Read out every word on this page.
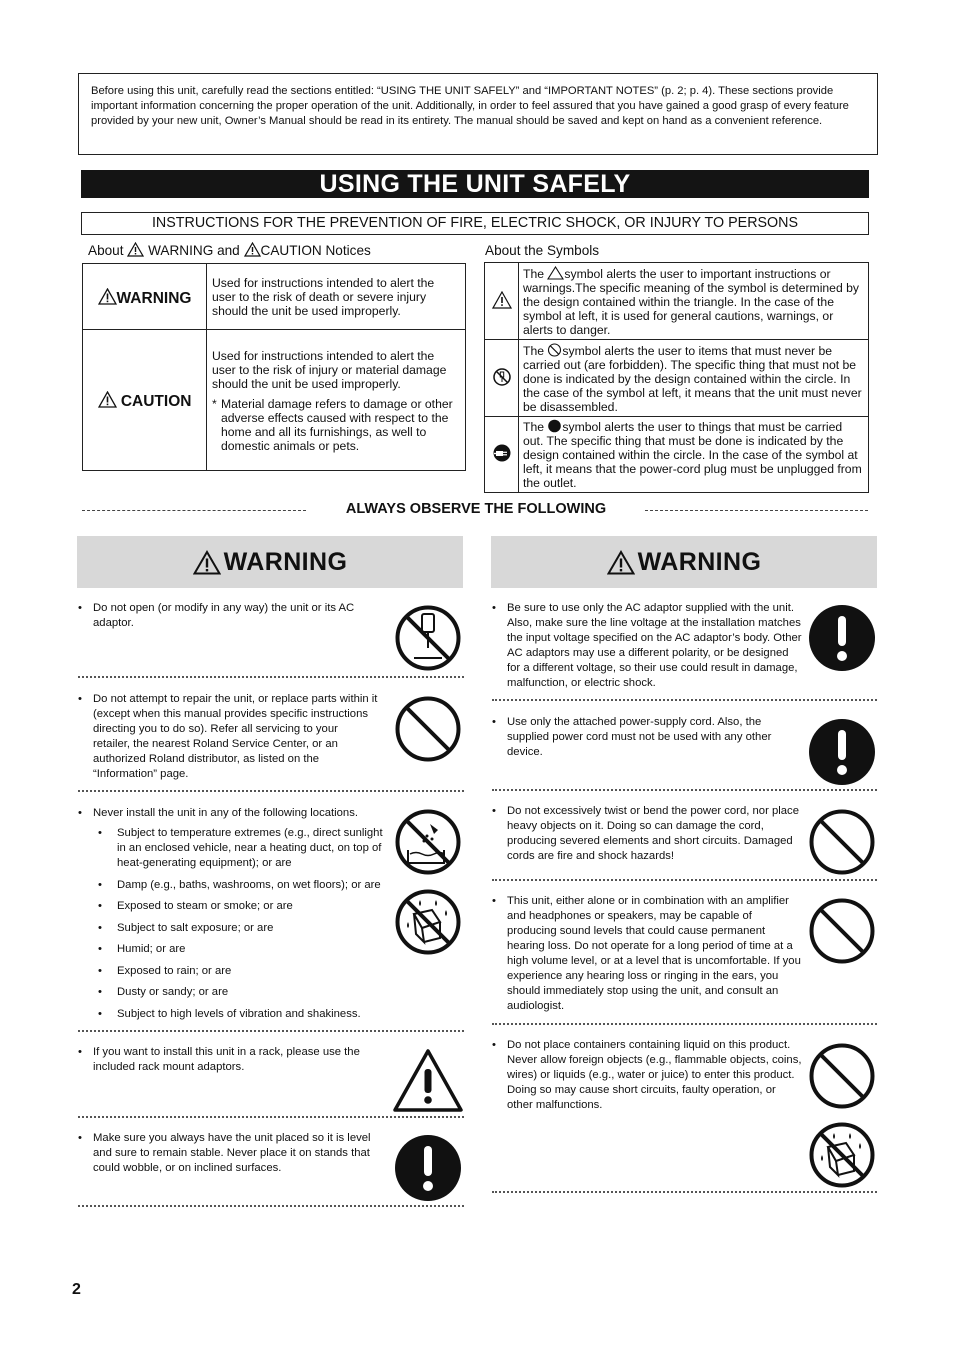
Before using this unit, carefully read the sections entitled: “USING THE UNIT SAFELY” and “IMPORTANT NOTES” (p. 2; p. 4). These sections provide important information concerning the proper operation of the unit. Additionally, in order to feel assured that you have gained a good grasp of every feature provided by your new unit, Owner’s Manual should be read in its entirety. The manual should be saved and kept on hand as a convenient reference.
USING THE UNIT SAFELY
INSTRUCTIONS FOR THE PREVENTION OF FIRE, ELECTRIC SHOCK, OR INJURY TO PERSONS
About WARNING and CAUTION Notices	About the Symbols
WARNING	Used for instructions intended to alert the user to the risk of death or severe injury should the unit be used improperly.
CAUTION	Used for instructions intended to alert the user to the risk of injury or material damage should the unit be used improperly.
* Material damage refers to damage or other adverse effects caused with respect to the home and all its furnishings, as well to domestic animals or pets.
	The symbol alerts the user to important instructions or warnings.The specific meaning of the symbol is determined by the design contained within the triangle. In the case of the symbol at left, it is used for general cautions, warnings, or alerts to danger.
	The symbol alerts the user to items that must never be carried out (are forbidden). The specific thing that must not be done is indicated by the design contained within the circle. In the case of the symbol at left, it means that the unit must never be disassembled.
	The symbol alerts the user to things that must be carried out. The specific thing that must be done is indicated by the design contained within the circle. In the case of the symbol at left, it means that the power-cord plug must be unplugged from the outlet.
ALWAYS OBSERVE THE FOLLOWING
WARNING	WARNING
• Do not open (or modify in any way) the unit or its AC adaptor.
• Do not attempt to repair the unit, or replace parts within it (except when this manual provides specific instructions directing you to do so). Refer all servicing to your retailer, the nearest Roland Service Center, or an authorized Roland distributor, as listed on the “Information” page.
• Never install the unit in any of the following locations.
• Subject to temperature extremes (e.g., direct sunlight in an enclosed vehicle, near a heating duct, on top of heat-generating equipment); or are
• Damp (e.g., baths, washrooms, on wet floors); or are
• Exposed to steam or smoke; or are
• Subject to salt exposure; or are
• Humid; or are
• Exposed to rain; or are
• Dusty or sandy; or are
• Subject to high levels of vibration and shakiness.
• If you want to install this unit in a rack, please use the included rack mount adaptors.
• Make sure you always have the unit placed so it is level and sure to remain stable. Never place it on stands that could wobble, or on inclined surfaces.
• Be sure to use only the AC adaptor supplied with the unit. Also, make sure the line voltage at the installation matches the input voltage specified on the AC adaptor’s body. Other AC adaptors may use a different polarity, or be designed for a different voltage, so their use could result in damage, malfunction, or electric shock.
• Use only the attached power-supply cord. Also, the supplied power cord must not be used with any other device.
• Do not excessively twist or bend the power cord, nor place heavy objects on it. Doing so can damage the cord, producing severed elements and short circuits. Damaged cords are fire and shock hazards!
• This unit, either alone or in combination with an amplifier and headphones or speakers, may be capable of producing sound levels that could cause permanent hearing loss. Do not operate for a long period of time at a high volume level, or at a level that is uncomfortable. If you experience any hearing loss or ringing in the ears, you should immediately stop using the unit, and consult an audiologist.
• Do not place containers containing liquid on this product. Never allow foreign objects (e.g., flammable objects, coins, wires) or liquids (e.g., water or juice) to enter this product. Doing so may cause short circuits, faulty operation, or other malfunctions.
2
